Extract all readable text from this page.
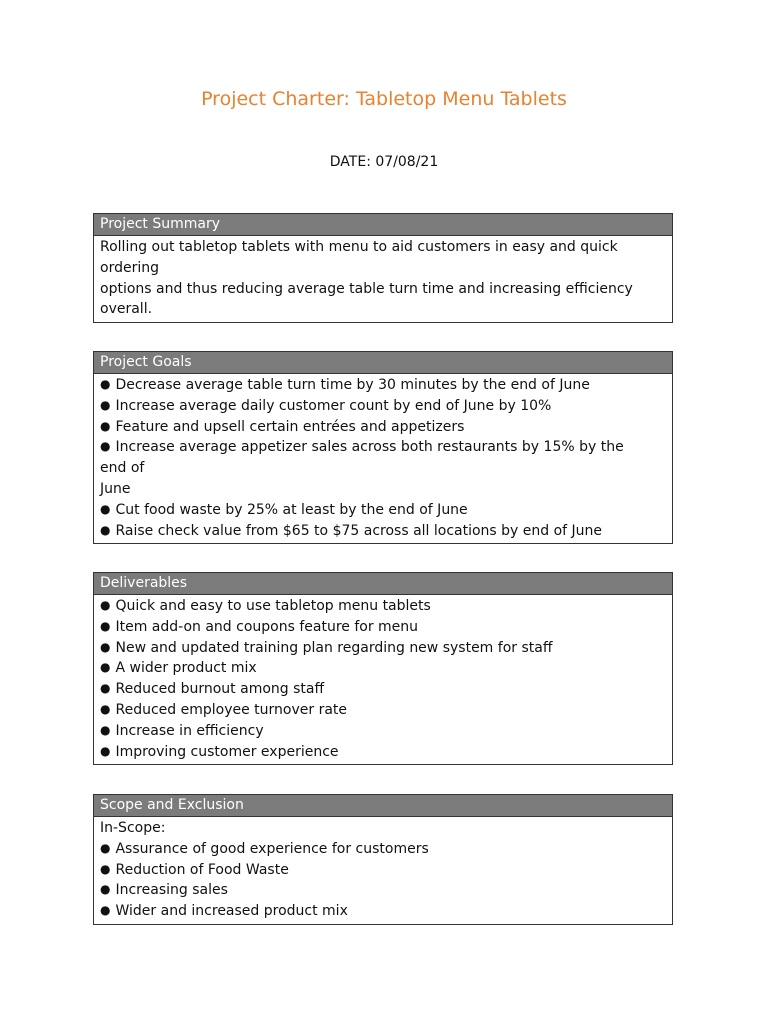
Project Charter: Tabletop Menu Tablets
DATE: 07/08/21
Project Summary
Rolling out tabletop tablets with menu to aid customers in easy and quick
ordering
options and thus reducing average table turn time and increasing efficiency
overall.
Project Goals
● Decrease average table turn time by 30 minutes by the end of June
● Increase average daily customer count by end of June by 10%
● Feature and upsell certain entrées and appetizers
● Increase average appetizer sales across both restaurants by 15% by the
end of
June
● Cut food waste by 25% at least by the end of June
● Raise check value from $65 to $75 across all locations by end of June
Deliverables
● Quick and easy to use tabletop menu tablets
● Item add-on and coupons feature for menu
● New and updated training plan regarding new system for staff
● A wider product mix
● Reduced burnout among staff
● Reduced employee turnover rate
● Increase in efficiency
● Improving customer experience
Scope and Exclusion
In-Scope:
● Assurance of good experience for customers
● Reduction of Food Waste
● Increasing sales
● Wider and increased product mix
